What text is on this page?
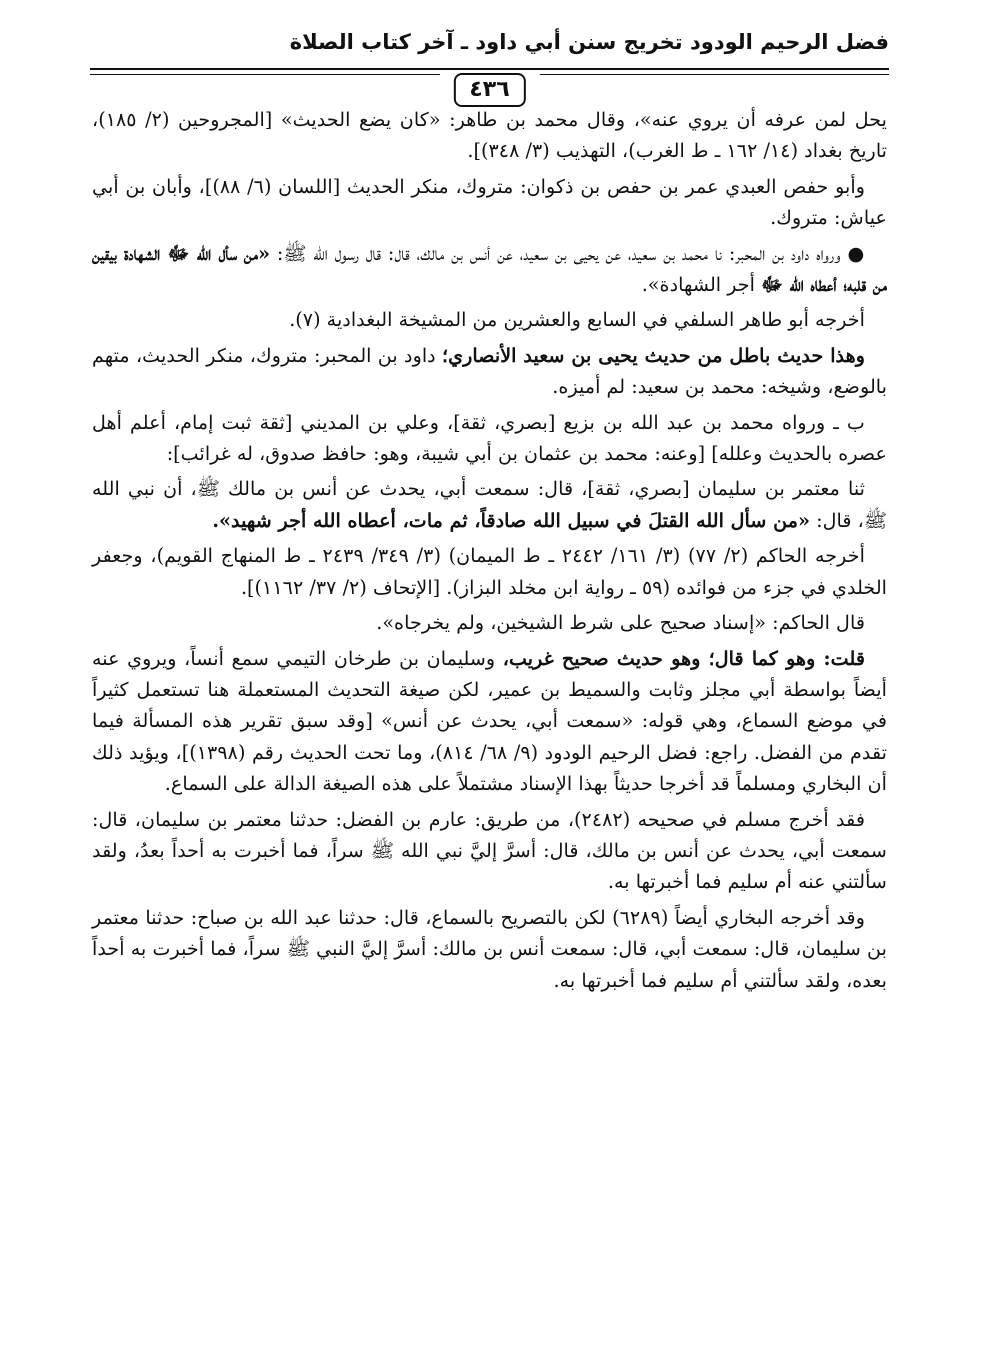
فضل الرحيم الودود تخريج سنن أبي داود ـ آخر كتاب الصلاة
٤٣٦

يحل لمن عرفه أن يروي عنه»، وقال محمد بن طاهر: «كان يضع الحديث» [المجروحين (٢/ ١٨٥)، تاريخ بغداد (١٤/ ١٦٢ ـ ط الغرب)، التهذيب (٣/ ٣٤٨)].

وأبو حفص العبدي عمر بن حفص بن ذكوان: متروك، منكر الحديث [اللسان (٦/ ٨٨)]، وأبان بن أبي عياش: متروك.

● ورواه داود بن المحبر: نا محمد بن سعيد، عن يحيى بن سعيد، عن أنس بن مالك، قال: قال رسول الله ﷺ: «من سأل الله ﷻ الشهادة بيقين من قلبه؛ أعطاه الله ﷻ أجر الشهادة».

أخرجه أبو طاهر السلفي في السابع والعشرين من المشيخة البغدادية (٧).

وهذا حديث باطل من حديث يحيى بن سعيد الأنصاري؛ داود بن المحبر: متروك، منكر الحديث، متهم بالوضع، وشيخه: محمد بن سعيد: لم أميزه.

ب ـ ورواه محمد بن عبد الله بن بزيع [بصري، ثقة]، وعلي بن المديني [ثقة ثبت إمام، أعلم أهل عصره بالحديث وعلله] [وعنه: محمد بن عثمان بن أبي شيبة، وهو: حافظ صدوق، له غرائب]:

ثنا معتمر بن سليمان [بصري، ثقة]، قال: سمعت أبي، يحدث عن أنس بن مالك ﷺ، أن نبي الله ﷺ، قال: «من سأل الله القتلَ في سبيل الله صادقاً، ثم مات، أعطاه الله أجر شهيد».

أخرجه الحاكم (٢/ ٧٧) (٣/ ١٦١/ ٢٤٤٢ ـ ط الميمان) (٣/ ٣٤٩/ ٢٤٣٩ ـ ط المنهاج القويم)، وجعفر الخلدي في جزء من فوائده (٥٩ ـ رواية ابن مخلد البزاز). [الإتحاف (٢/ ٣٧/ ١١٦٢)].

قال الحاكم: «إسناد صحيح على شرط الشيخين، ولم يخرجاه».

قلت: وهو كما قال؛ وهو حديث صحيح غريب، وسليمان بن طرخان التيمي سمع أنساً، ويروي عنه أيضاً بواسطة أبي مجلز وثابت والسميط بن عمير، لكن صيغة التحديث المستعملة هنا تستعمل كثيراً في موضع السماع، وهي قوله: «سمعت أبي، يحدث عن أنس» [وقد سبق تقرير هذه المسألة فيما تقدم من الفضل. راجع: فضل الرحيم الودود (٩/ ٦٨/ ٨١٤)، وما تحت الحديث رقم (١٣٩٨)]، ويؤيد ذلك أن البخاري ومسلماً قد أخرجا حديثاً بهذا الإسناد مشتملاً على هذه الصيغة الدالة على السماع.

فقد أخرج مسلم في صحيحه (٢٤٨٢)، من طريق: عارم بن الفضل: حدثنا معتمر بن سليمان، قال: سمعت أبي، يحدث عن أنس بن مالك، قال: أسرَّ إليَّ نبي الله ﷺ سراً، فما أخبرت به أحداً بعدُ، ولقد سألتني عنه أم سليم فما أخبرتها به.

وقد أخرجه البخاري أيضاً (٦٢٨٩) لكن بالتصريح بالسماع، قال: حدثنا عبد الله بن صباح: حدثنا معتمر بن سليمان، قال: سمعت أبي، قال: سمعت أنس بن مالك: أسرَّ إليَّ النبي ﷺ سراً، فما أخبرت به أحداً بعده، ولقد سألتني أم سليم فما أخبرتها به.
